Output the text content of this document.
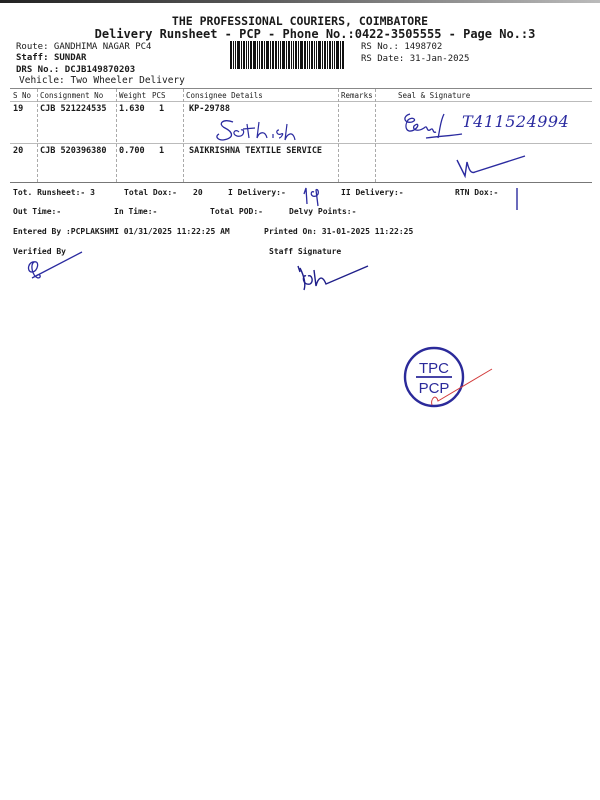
THE PROFESSIONAL COURIERS, COIMBATORE
Delivery Runsheet - PCP - Phone No.:0422-3505555 - Page No.:3
Route: GANDHIMA NAGAR PC4
Staff: SUNDAR
DRS No.: DCJB149870203
Vehicle: Two Wheeler Delivery
RS No.: 1498702
RS Date: 31-Jan-2025
S No Consignment No Weight PCS	Consignee Details	Remarks	Seal & Signature
19 CJB 521224535 1.630 1	KP-29788
T411524994
20 CJB 520396380 0.700 1	SAIKRISHNA TEXTILE SERVICE
Tot. Runsheet:- 3	Total Dox:- 20	I Delivery:-	II Delivery:-	RTN Dox:-
Out Time:-	In Time:-	Total POD:-	Delvy Points:-
Entered By :PCPLAKSHMI 01/31/2025 11:22:25 AM	Printed On: 31-01-2025 11:22:25
Verified By	Staff Signature
TPC
PCP
